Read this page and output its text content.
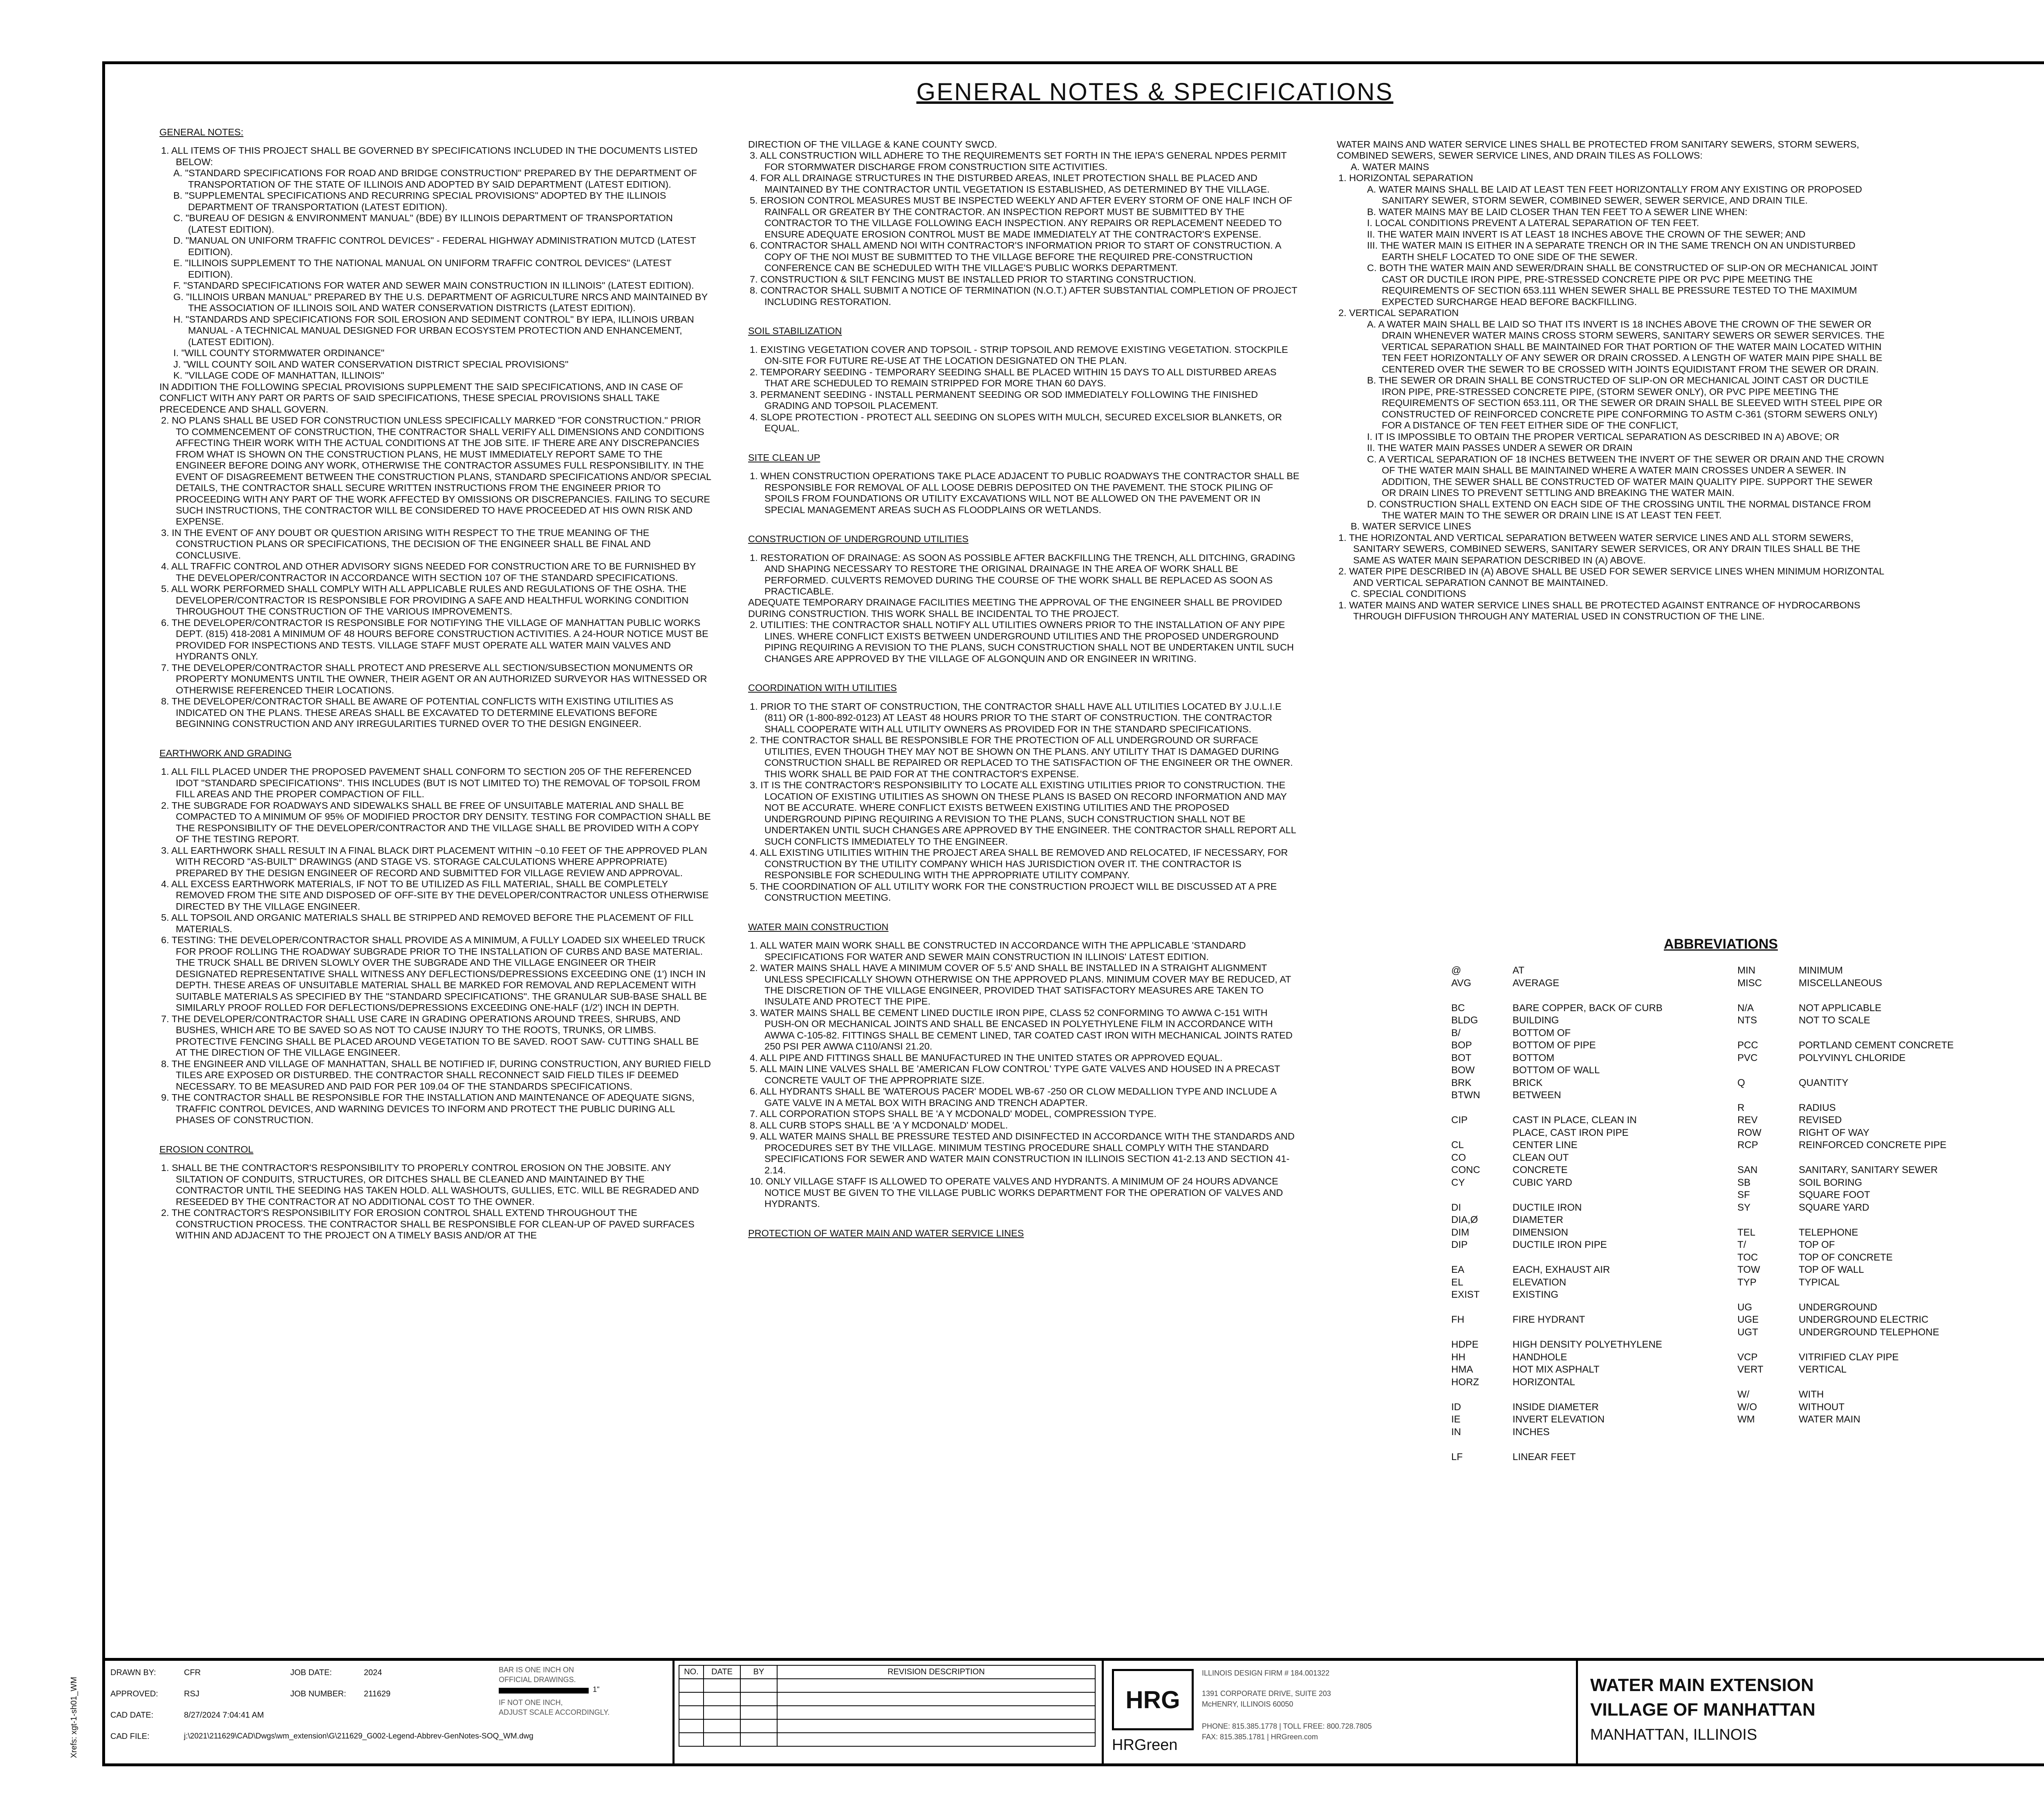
GENERAL NOTES & SPECIFICATIONS
GENERAL NOTES:
1. ALL ITEMS OF THIS PROJECT SHALL BE GOVERNED BY SPECIFICATIONS INCLUDED IN THE DOCUMENTS LISTED BELOW:
A. "STANDARD SPECIFICATIONS FOR ROAD AND BRIDGE CONSTRUCTION" PREPARED BY THE DEPARTMENT OF TRANSPORTATION OF THE STATE OF ILLINOIS AND ADOPTED BY SAID DEPARTMENT (LATEST EDITION).
B. "SUPPLEMENTAL SPECIFICATIONS AND RECURRING SPECIAL PROVISIONS" ADOPTED BY THE ILLINOIS DEPARTMENT OF TRANSPORTATION (LATEST EDITION).
C. "BUREAU OF DESIGN & ENVIRONMENT MANUAL" (BDE) BY ILLINOIS DEPARTMENT OF TRANSPORTATION (LATEST EDITION).
D. "MANUAL ON UNIFORM TRAFFIC CONTROL DEVICES" - FEDERAL HIGHWAY ADMINISTRATION MUTCD (LATEST EDITION).
E. "ILLINOIS SUPPLEMENT TO THE NATIONAL MANUAL ON UNIFORM TRAFFIC CONTROL DEVICES" (LATEST EDITION).
F. "STANDARD SPECIFICATIONS FOR WATER AND SEWER MAIN CONSTRUCTION IN ILLINOIS" (LATEST EDITION).
G. "ILLINOIS URBAN MANUAL" PREPARED BY THE U.S. DEPARTMENT OF AGRICULTURE NRCS AND MAINTAINED BY THE ASSOCIATION OF ILLINOIS SOIL AND WATER CONSERVATION DISTRICTS (LATEST EDITION).
H. "STANDARDS AND SPECIFICATIONS FOR SOIL EROSION AND SEDIMENT CONTROL" BY IEPA, ILLINOIS URBAN MANUAL - A TECHNICAL MANUAL DESIGNED FOR URBAN ECOSYSTEM PROTECTION AND ENHANCEMENT, (LATEST EDITION).
I. "WILL COUNTY STORMWATER ORDINANCE"
J. "WILL COUNTY SOIL AND WATER CONSERVATION DISTRICT SPECIAL PROVISIONS"
K. "VILLAGE CODE OF MANHATTAN, ILLINOIS"
IN ADDITION THE FOLLOWING SPECIAL PROVISIONS SUPPLEMENT THE SAID SPECIFICATIONS, AND IN CASE OF CONFLICT WITH ANY PART OR PARTS OF SAID SPECIFICATIONS, THESE SPECIAL PROVISIONS SHALL TAKE PRECEDENCE AND SHALL GOVERN.
2. NO PLANS SHALL BE USED FOR CONSTRUCTION UNLESS SPECIFICALLY MARKED "FOR CONSTRUCTION." PRIOR TO COMMENCEMENT OF CONSTRUCTION, THE CONTRACTOR SHALL VERIFY ALL DIMENSIONS AND CONDITIONS AFFECTING THEIR WORK WITH THE ACTUAL CONDITIONS AT THE JOB SITE. IF THERE ARE ANY DISCREPANCIES FROM WHAT IS SHOWN ON THE CONSTRUCTION PLANS, HE MUST IMMEDIATELY REPORT SAME TO THE ENGINEER BEFORE DOING ANY WORK, OTHERWISE THE CONTRACTOR ASSUMES FULL RESPONSIBILITY. IN THE EVENT OF DISAGREEMENT BETWEEN THE CONSTRUCTION PLANS, STANDARD SPECIFICATIONS AND/OR SPECIAL DETAILS, THE CONTRACTOR SHALL SECURE WRITTEN INSTRUCTIONS FROM THE ENGINEER PRIOR TO PROCEEDING WITH ANY PART OF THE WORK AFFECTED BY OMISSIONS OR DISCREPANCIES. FAILING TO SECURE SUCH INSTRUCTIONS, THE CONTRACTOR WILL BE CONSIDERED TO HAVE PROCEEDED AT HIS OWN RISK AND EXPENSE.
3. IN THE EVENT OF ANY DOUBT OR QUESTION ARISING WITH RESPECT TO THE TRUE MEANING OF THE CONSTRUCTION PLANS OR SPECIFICATIONS, THE DECISION OF THE ENGINEER SHALL BE FINAL AND CONCLUSIVE.
4. ALL TRAFFIC CONTROL AND OTHER ADVISORY SIGNS NEEDED FOR CONSTRUCTION ARE TO BE FURNISHED BY THE DEVELOPER/CONTRACTOR IN ACCORDANCE WITH SECTION 107 OF THE STANDARD SPECIFICATIONS.
5. ALL WORK PERFORMED SHALL COMPLY WITH ALL APPLICABLE RULES AND REGULATIONS OF THE OSHA. THE DEVELOPER/CONTRACTOR IS RESPONSIBLE FOR PROVIDING A SAFE AND HEALTHFUL WORKING CONDITION THROUGHOUT THE CONSTRUCTION OF THE VARIOUS IMPROVEMENTS.
6. THE DEVELOPER/CONTRACTOR IS RESPONSIBLE FOR NOTIFYING THE VILLAGE OF MANHATTAN PUBLIC WORKS DEPT. (815) 418-2081 A MINIMUM OF 48 HOURS BEFORE CONSTRUCTION ACTIVITIES. A 24-HOUR NOTICE MUST BE PROVIDED FOR INSPECTIONS AND TESTS. VILLAGE STAFF MUST OPERATE ALL WATER MAIN VALVES AND HYDRANTS ONLY.
7. THE DEVELOPER/CONTRACTOR SHALL PROTECT AND PRESERVE ALL SECTION/SUBSECTION MONUMENTS OR PROPERTY MONUMENTS UNTIL THE OWNER, THEIR AGENT OR AN AUTHORIZED SURVEYOR HAS WITNESSED OR OTHERWISE REFERENCED THEIR LOCATIONS.
8. THE DEVELOPER/CONTRACTOR SHALL BE AWARE OF POTENTIAL CONFLICTS WITH EXISTING UTILITIES AS INDICATED ON THE PLANS. THESE AREAS SHALL BE EXCAVATED TO DETERMINE ELEVATIONS BEFORE BEGINNING CONSTRUCTION AND ANY IRREGULARITIES TURNED OVER TO THE DESIGN ENGINEER.
EARTHWORK AND GRADING
1. ALL FILL PLACED UNDER THE PROPOSED PAVEMENT SHALL CONFORM TO SECTION 205 OF THE REFERENCED IDOT "STANDARD SPECIFICATIONS". THIS INCLUDES (BUT IS NOT LIMITED TO) THE REMOVAL OF TOPSOIL FROM FILL AREAS AND THE PROPER COMPACTION OF FILL.
2. THE SUBGRADE FOR ROADWAYS AND SIDEWALKS SHALL BE FREE OF UNSUITABLE MATERIAL AND SHALL BE COMPACTED TO A MINIMUM OF 95% OF MODIFIED PROCTOR DRY DENSITY. TESTING FOR COMPACTION SHALL BE THE RESPONSIBILITY OF THE DEVELOPER/CONTRACTOR AND THE VILLAGE SHALL BE PROVIDED WITH A COPY OF THE TESTING REPORT.
3. ALL EARTHWORK SHALL RESULT IN A FINAL BLACK DIRT PLACEMENT WITHIN ~0.10 FEET OF THE APPROVED PLAN WITH RECORD "AS-BUILT" DRAWINGS (AND STAGE VS. STORAGE CALCULATIONS WHERE APPROPRIATE) PREPARED BY THE DESIGN ENGINEER OF RECORD AND SUBMITTED FOR VILLAGE REVIEW AND APPROVAL.
4. ALL EXCESS EARTHWORK MATERIALS, IF NOT TO BE UTILIZED AS FILL MATERIAL, SHALL BE COMPLETELY REMOVED FROM THE SITE AND DISPOSED OF OFF-SITE BY THE DEVELOPER/CONTRACTOR UNLESS OTHERWISE DIRECTED BY THE VILLAGE ENGINEER.
5. ALL TOPSOIL AND ORGANIC MATERIALS SHALL BE STRIPPED AND REMOVED BEFORE THE PLACEMENT OF FILL MATERIALS.
6. TESTING: THE DEVELOPER/CONTRACTOR SHALL PROVIDE AS A MINIMUM, A FULLY LOADED SIX WHEELED TRUCK FOR PROOF ROLLING THE ROADWAY SUBGRADE PRIOR TO THE INSTALLATION OF CURBS AND BASE MATERIAL. THE TRUCK SHALL BE DRIVEN SLOWLY OVER THE SUBGRADE AND THE VILLAGE ENGINEER OR THEIR DESIGNATED REPRESENTATIVE SHALL WITNESS ANY DEFLECTIONS/DEPRESSIONS EXCEEDING ONE (1') INCH IN DEPTH. THESE AREAS OF UNSUITABLE MATERIAL SHALL BE MARKED FOR REMOVAL AND REPLACEMENT WITH SUITABLE MATERIALS AS SPECIFIED BY THE "STANDARD SPECIFICATIONS". THE GRANULAR SUB-BASE SHALL BE SIMILARLY PROOF ROLLED FOR DEFLECTIONS/DEPRESSIONS EXCEEDING ONE-HALF (1/2') INCH IN DEPTH.
7. THE DEVELOPER/CONTRACTOR SHALL USE CARE IN GRADING OPERATIONS AROUND TREES, SHRUBS, AND BUSHES, WHICH ARE TO BE SAVED SO AS NOT TO CAUSE INJURY TO THE ROOTS, TRUNKS, OR LIMBS. PROTECTIVE FENCING SHALL BE PLACED AROUND VEGETATION TO BE SAVED. ROOT SAW- CUTTING SHALL BE AT THE DIRECTION OF THE VILLAGE ENGINEER.
8. THE ENGINEER AND VILLAGE OF MANHATTAN, SHALL BE NOTIFIED IF, DURING CONSTRUCTION, ANY BURIED FIELD TILES ARE EXPOSED OR DISTURBED. THE CONTRACTOR SHALL RECONNECT SAID FIELD TILES IF DEEMED NECESSARY. TO BE MEASURED AND PAID FOR PER 109.04 OF THE STANDARDS SPECIFICATIONS.
9. THE CONTRACTOR SHALL BE RESPONSIBLE FOR THE INSTALLATION AND MAINTENANCE OF ADEQUATE SIGNS, TRAFFIC CONTROL DEVICES, AND WARNING DEVICES TO INFORM AND PROTECT THE PUBLIC DURING ALL PHASES OF CONSTRUCTION.
EROSION CONTROL
1. SHALL BE THE CONTRACTOR'S RESPONSIBILITY TO PROPERLY CONTROL EROSION ON THE JOBSITE. ANY SILTATION OF CONDUITS, STRUCTURES, OR DITCHES SHALL BE CLEANED AND MAINTAINED BY THE CONTRACTOR UNTIL THE SEEDING HAS TAKEN HOLD. ALL WASHOUTS, GULLIES, ETC. WILL BE REGRADED AND RESEEDED BY THE CONTRACTOR AT NO ADDITIONAL COST TO THE OWNER.
2. THE CONTRACTOR'S RESPONSIBILITY FOR EROSION CONTROL SHALL EXTEND THROUGHOUT THE CONSTRUCTION PROCESS. THE CONTRACTOR SHALL BE RESPONSIBLE FOR CLEAN-UP OF PAVED SURFACES WITHIN AND ADJACENT TO THE PROJECT ON A TIMELY BASIS AND/OR AT THE
DIRECTION OF THE VILLAGE & KANE COUNTY SWCD.
3. ALL CONSTRUCTION WILL ADHERE TO THE REQUIREMENTS SET FORTH IN THE IEPA'S GENERAL NPDES PERMIT FOR STORMWATER DISCHARGE FROM CONSTRUCTION SITE ACTIVITIES.
4. FOR ALL DRAINAGE STRUCTURES IN THE DISTURBED AREAS, INLET PROTECTION SHALL BE PLACED AND MAINTAINED BY THE CONTRACTOR UNTIL VEGETATION IS ESTABLISHED, AS DETERMINED BY THE VILLAGE.
5. EROSION CONTROL MEASURES MUST BE INSPECTED WEEKLY AND AFTER EVERY STORM OF ONE HALF INCH OF RAINFALL OR GREATER BY THE CONTRACTOR. AN INSPECTION REPORT MUST BE SUBMITTED BY THE CONTRACTOR TO THE VILLAGE FOLLOWING EACH INSPECTION. ANY REPAIRS OR REPLACEMENT NEEDED TO ENSURE ADEQUATE EROSION CONTROL MUST BE MADE IMMEDIATELY AT THE CONTRACTOR'S EXPENSE.
6. CONTRACTOR SHALL AMEND NOI WITH CONTRACTOR'S INFORMATION PRIOR TO START OF CONSTRUCTION. A COPY OF THE NOI MUST BE SUBMITTED TO THE VILLAGE BEFORE THE REQUIRED PRE-CONSTRUCTION CONFERENCE CAN BE SCHEDULED WITH THE VILLAGE'S PUBLIC WORKS DEPARTMENT.
7. CONSTRUCTION & SILT FENCING MUST BE INSTALLED PRIOR TO STARTING CONSTRUCTION.
8. CONTRACTOR SHALL SUBMIT A NOTICE OF TERMINATION (N.O.T.) AFTER SUBSTANTIAL COMPLETION OF PROJECT INCLUDING RESTORATION.
SOIL STABILIZATION
1. EXISTING VEGETATION COVER AND TOPSOIL - STRIP TOPSOIL AND REMOVE EXISTING VEGETATION. STOCKPILE ON-SITE FOR FUTURE RE-USE AT THE LOCATION DESIGNATED ON THE PLAN.
2. TEMPORARY SEEDING - TEMPORARY SEEDING SHALL BE PLACED WITHIN 15 DAYS TO ALL DISTURBED AREAS THAT ARE SCHEDULED TO REMAIN STRIPPED FOR MORE THAN 60 DAYS.
3. PERMANENT SEEDING - INSTALL PERMANENT SEEDING OR SOD IMMEDIATELY FOLLOWING THE FINISHED GRADING AND TOPSOIL PLACEMENT.
4. SLOPE PROTECTION - PROTECT ALL SEEDING ON SLOPES WITH MULCH, SECURED EXCELSIOR BLANKETS, OR EQUAL.
SITE CLEAN UP
1. WHEN CONSTRUCTION OPERATIONS TAKE PLACE ADJACENT TO PUBLIC ROADWAYS THE CONTRACTOR SHALL BE RESPONSIBLE FOR REMOVAL OF ALL LOOSE DEBRIS DEPOSITED ON THE PAVEMENT. THE STOCK PILING OF SPOILS FROM FOUNDATIONS OR UTILITY EXCAVATIONS WILL NOT BE ALLOWED ON THE PAVEMENT OR IN SPECIAL MANAGEMENT AREAS SUCH AS FLOODPLAINS OR WETLANDS.
CONSTRUCTION OF UNDERGROUND UTILITIES
1. RESTORATION OF DRAINAGE: AS SOON AS POSSIBLE AFTER BACKFILLING THE TRENCH, ALL DITCHING, GRADING AND SHAPING NECESSARY TO RESTORE THE ORIGINAL DRAINAGE IN THE AREA OF WORK SHALL BE PERFORMED. CULVERTS REMOVED DURING THE COURSE OF THE WORK SHALL BE REPLACED AS SOON AS PRACTICABLE.
ADEQUATE TEMPORARY DRAINAGE FACILITIES MEETING THE APPROVAL OF THE ENGINEER SHALL BE PROVIDED DURING CONSTRUCTION. THIS WORK SHALL BE INCIDENTAL TO THE PROJECT.
2. UTILITIES: THE CONTRACTOR SHALL NOTIFY ALL UTILITIES OWNERS PRIOR TO THE INSTALLATION OF ANY PIPE LINES. WHERE CONFLICT EXISTS BETWEEN UNDERGROUND UTILITIES AND THE PROPOSED UNDERGROUND PIPING REQUIRING A REVISION TO THE PLANS, SUCH CONSTRUCTION SHALL NOT BE UNDERTAKEN UNTIL SUCH CHANGES ARE APPROVED BY THE VILLAGE OF ALGONQUIN AND OR ENGINEER IN WRITING.
COORDINATION WITH UTILITIES
1. PRIOR TO THE START OF CONSTRUCTION, THE CONTRACTOR SHALL HAVE ALL UTILITIES LOCATED BY J.U.L.I.E (811) OR (1-800-892-0123) AT LEAST 48 HOURS PRIOR TO THE START OF CONSTRUCTION. THE CONTRACTOR SHALL COOPERATE WITH ALL UTILITY OWNERS AS PROVIDED FOR IN THE STANDARD SPECIFICATIONS.
2. THE CONTRACTOR SHALL BE RESPONSIBLE FOR THE PROTECTION OF ALL UNDERGROUND OR SURFACE UTILITIES, EVEN THOUGH THEY MAY NOT BE SHOWN ON THE PLANS. ANY UTILITY THAT IS DAMAGED DURING CONSTRUCTION SHALL BE REPAIRED OR REPLACED TO THE SATISFACTION OF THE ENGINEER OR THE OWNER. THIS WORK SHALL BE PAID FOR AT THE CONTRACTOR'S EXPENSE.
3. IT IS THE CONTRACTOR'S RESPONSIBILITY TO LOCATE ALL EXISTING UTILITIES PRIOR TO CONSTRUCTION. THE LOCATION OF EXISTING UTILITIES AS SHOWN ON THESE PLANS IS BASED ON RECORD INFORMATION AND MAY NOT BE ACCURATE. WHERE CONFLICT EXISTS BETWEEN EXISTING UTILITIES AND THE PROPOSED UNDERGROUND PIPING REQUIRING A REVISION TO THE PLANS, SUCH CONSTRUCTION SHALL NOT BE UNDERTAKEN UNTIL SUCH CHANGES ARE APPROVED BY THE ENGINEER. THE CONTRACTOR SHALL REPORT ALL SUCH CONFLICTS IMMEDIATELY TO THE ENGINEER.
4. ALL EXISTING UTILITIES WITHIN THE PROJECT AREA SHALL BE REMOVED AND RELOCATED, IF NECESSARY, FOR CONSTRUCTION BY THE UTILITY COMPANY WHICH HAS JURISDICTION OVER IT. THE CONTRACTOR IS RESPONSIBLE FOR SCHEDULING WITH THE APPROPRIATE UTILITY COMPANY.
5. THE COORDINATION OF ALL UTILITY WORK FOR THE CONSTRUCTION PROJECT WILL BE DISCUSSED AT A PRE CONSTRUCTION MEETING.
WATER MAIN CONSTRUCTION
1. ALL WATER MAIN WORK SHALL BE CONSTRUCTED IN ACCORDANCE WITH THE APPLICABLE 'STANDARD SPECIFICATIONS FOR WATER AND SEWER MAIN CONSTRUCTION IN ILLINOIS' LATEST EDITION.
2. WATER MAINS SHALL HAVE A MINIMUM COVER OF 5.5' AND SHALL BE INSTALLED IN A STRAIGHT ALIGNMENT UNLESS SPECIFICALLY SHOWN OTHERWISE ON THE APPROVED PLANS. MINIMUM COVER MAY BE REDUCED, AT THE DISCRETION OF THE VILLAGE ENGINEER, PROVIDED THAT SATISFACTORY MEASURES ARE TAKEN TO INSULATE AND PROTECT THE PIPE.
3. WATER MAINS SHALL BE CEMENT LINED DUCTILE IRON PIPE, CLASS 52 CONFORMING TO AWWA C-151 WITH PUSH-ON OR MECHANICAL JOINTS AND SHALL BE ENCASED IN POLYETHYLENE FILM IN ACCORDANCE WITH AWWA C-105-82. FITTINGS SHALL BE CEMENT LINED, TAR COATED CAST IRON WITH MECHANICAL JOINTS RATED 250 PSI PER AWWA C110/ANSI 21.20.
4. ALL PIPE AND FITTINGS SHALL BE MANUFACTURED IN THE UNITED STATES OR APPROVED EQUAL.
5. ALL MAIN LINE VALVES SHALL BE 'AMERICAN FLOW CONTROL' TYPE GATE VALVES AND HOUSED IN A PRECAST CONCRETE VAULT OF THE APPROPRIATE SIZE.
6. ALL HYDRANTS SHALL BE 'WATEROUS PACER' MODEL WB-67 -250 OR CLOW MEDALLION TYPE AND INCLUDE A GATE VALVE IN A METAL BOX WITH BRACING AND TRENCH ADAPTER.
7. ALL CORPORATION STOPS SHALL BE 'A Y MCDONALD' MODEL, COMPRESSION TYPE.
8. ALL CURB STOPS SHALL BE 'A Y MCDONALD' MODEL.
9. ALL WATER MAINS SHALL BE PRESSURE TESTED AND DISINFECTED IN ACCORDANCE WITH THE STANDARDS AND PROCEDURES SET BY THE VILLAGE. MINIMUM TESTING PROCEDURE SHALL COMPLY WITH THE STANDARD SPECIFICATIONS FOR SEWER AND WATER MAIN CONSTRUCTION IN ILLINOIS SECTION 41-2.13 AND SECTION 41-2.14.
10. ONLY VILLAGE STAFF IS ALLOWED TO OPERATE VALVES AND HYDRANTS. A MINIMUM OF 24 HOURS ADVANCE NOTICE MUST BE GIVEN TO THE VILLAGE PUBLIC WORKS DEPARTMENT FOR THE OPERATION OF VALVES AND HYDRANTS.
PROTECTION OF WATER MAIN AND WATER SERVICE LINES
WATER MAINS AND WATER SERVICE LINES SHALL BE PROTECTED FROM SANITARY SEWERS, STORM SEWERS, COMBINED SEWERS, SEWER SERVICE LINES, AND DRAIN TILES AS FOLLOWS:
A. WATER MAINS
1. HORIZONTAL SEPARATION
A. WATER MAINS SHALL BE LAID AT LEAST TEN FEET HORIZONTALLY FROM ANY EXISTING OR PROPOSED SANITARY SEWER, STORM SEWER, COMBINED SEWER, SEWER SERVICE, AND DRAIN TILE.
B. WATER MAINS MAY BE LAID CLOSER THAN TEN FEET TO A SEWER LINE WHEN:
I. LOCAL CONDITIONS PREVENT A LATERAL SEPARATION OF TEN FEET.
II. THE WATER MAIN INVERT IS AT LEAST 18 INCHES ABOVE THE CROWN OF THE SEWER; AND
III. THE WATER MAIN IS EITHER IN A SEPARATE TRENCH OR IN THE SAME TRENCH ON AN UNDISTURBED EARTH SHELF LOCATED TO ONE SIDE OF THE SEWER.
C. BOTH THE WATER MAIN AND SEWER/DRAIN SHALL BE CONSTRUCTED OF SLIP-ON OR MECHANICAL JOINT CAST OR DUCTILE IRON PIPE, PRE-STRESSED CONCRETE PIPE OR PVC PIPE MEETING THE REQUIREMENTS OF SECTION 653.111 WHEN SEWER SHALL BE PRESSURE TESTED TO THE MAXIMUM EXPECTED SURCHARGE HEAD BEFORE BACKFILLING.
2. VERTICAL SEPARATION
A. A WATER MAIN SHALL BE LAID SO THAT ITS INVERT IS 18 INCHES ABOVE THE CROWN OF THE SEWER OR DRAIN WHENEVER WATER MAINS CROSS STORM SEWERS, SANITARY SEWERS OR SEWER SERVICES. THE VERTICAL SEPARATION SHALL BE MAINTAINED FOR THAT PORTION OF THE WATER MAIN LOCATED WITHIN TEN FEET HORIZONTALLY OF ANY SEWER OR DRAIN CROSSED. A LENGTH OF WATER MAIN PIPE SHALL BE CENTERED OVER THE SEWER TO BE CROSSED WITH JOINTS EQUIDISTANT FROM THE SEWER OR DRAIN.
B. THE SEWER OR DRAIN SHALL BE CONSTRUCTED OF SLIP-ON OR MECHANICAL JOINT CAST OR DUCTILE IRON PIPE, PRE-STRESSED CONCRETE PIPE, (STORM SEWER ONLY), OR PVC PIPE MEETING THE REQUIREMENTS OF SECTION 653.111, OR THE SEWER OR DRAIN SHALL BE SLEEVED WITH STEEL PIPE OR CONSTRUCTED OF REINFORCED CONCRETE PIPE CONFORMING TO ASTM C-361 (STORM SEWERS ONLY) FOR A DISTANCE OF TEN FEET EITHER SIDE OF THE CONFLICT,
I. IT IS IMPOSSIBLE TO OBTAIN THE PROPER VERTICAL SEPARATION AS DESCRIBED IN A) ABOVE; OR
II. THE WATER MAIN PASSES UNDER A SEWER OR DRAIN
C. A VERTICAL SEPARATION OF 18 INCHES BETWEEN THE INVERT OF THE SEWER OR DRAIN AND THE CROWN OF THE WATER MAIN SHALL BE MAINTAINED WHERE A WATER MAIN CROSSES UNDER A SEWER. IN ADDITION, THE SEWER SHALL BE CONSTRUCTED OF WATER MAIN QUALITY PIPE. SUPPORT THE SEWER OR DRAIN LINES TO PREVENT SETTLING AND BREAKING THE WATER MAIN.
D. CONSTRUCTION SHALL EXTEND ON EACH SIDE OF THE CROSSING UNTIL THE NORMAL DISTANCE FROM THE WATER MAIN TO THE SEWER OR DRAIN LINE IS AT LEAST TEN FEET.
B. WATER SERVICE LINES
1. THE HORIZONTAL AND VERTICAL SEPARATION BETWEEN WATER SERVICE LINES AND ALL STORM SEWERS, SANITARY SEWERS, COMBINED SEWERS, SANITARY SEWER SERVICES, OR ANY DRAIN TILES SHALL BE THE SAME AS WATER MAIN SEPARATION DESCRIBED IN (A) ABOVE.
2. WATER PIPE DESCRIBED IN (A) ABOVE SHALL BE USED FOR SEWER SERVICE LINES WHEN MINIMUM HORIZONTAL AND VERTICAL SEPARATION CANNOT BE MAINTAINED.
C. SPECIAL CONDITIONS
1. WATER MAINS AND WATER SERVICE LINES SHALL BE PROTECTED AGAINST ENTRANCE OF HYDROCARBONS THROUGH DIFFUSION THROUGH ANY MATERIAL USED IN CONSTRUCTION OF THE LINE.
ABBREVIATIONS
@	AT
AVG	AVERAGE
BC	BARE COPPER, BACK OF CURB
BLDG	BUILDING
B/	BOTTOM OF
BOP	BOTTOM OF PIPE
BOT	BOTTOM
BOW	BOTTOM OF WALL
BRK	BRICK
BTWN	BETWEEN
CIP	CAST IN PLACE, CLEAN IN
PLACE, CAST IRON PIPE
CL	CENTER LINE
CO	CLEAN OUT
CONC	CONCRETE
CY	CUBIC YARD
DI	DUCTILE IRON
DIA,Ø	DIAMETER
DIM	DIMENSION
DIP	DUCTILE IRON PIPE
EA	EACH, EXHAUST AIR
EL	ELEVATION
EXIST	EXISTING
FH	FIRE HYDRANT
HDPE	HIGH DENSITY POLYETHYLENE
HH	HANDHOLE
HMA	HOT MIX ASPHALT
HORZ	HORIZONTAL
ID	INSIDE DIAMETER
IE	INVERT ELEVATION
IN	INCHES
LF	LINEAR FEET
MIN	MINIMUM
MISC	MISCELLANEOUS
N/A	NOT APPLICABLE
NTS	NOT TO SCALE
PCC	PORTLAND CEMENT CONCRETE
PVC	POLYVINYL CHLORIDE
Q	QUANTITY
R	RADIUS
REV	REVISED
ROW	RIGHT OF WAY
RCP	REINFORCED CONCRETE PIPE
SAN	SANITARY, SANITARY SEWER
SB	SOIL BORING
SF	SQUARE FOOT
SY	SQUARE YARD
TEL	TELEPHONE
T/	TOP OF
TOC	TOP OF CONCRETE
TOW	TOP OF WALL
TYP	TYPICAL
UG	UNDERGROUND
UGE	UNDERGROUND ELECTRIC
UGT	UNDERGROUND TELEPHONE
VCP	VITRIFIED CLAY PIPE
VERT	VERTICAL
W/	WITH
W/O	WITHOUT
WM	WATER MAIN
DRAWN BY:	CFR
APPROVED:	RSJ
CAD DATE:	8/27/2024 7:04:41 AM
CAD FILE:	j:\2021\211629\CAD\Dwgs\wm_extension\G\211629_G002-Legend-Abbrev-GenNotes-SOQ_WM.dwg
JOB DATE:	2024
JOB NUMBER: 211629
BAR IS ONE INCH ON
OFFICIAL DRAWINGS.
1"
IF NOT ONE INCH,
ADJUST SCALE ACCORDINGLY.
NO.	DATE	BY	REVISION DESCRIPTION

HRG
HRGreen
ILLINOIS DESIGN FIRM # 184.001322
1391 CORPORATE DRIVE, SUITE 203
McHENRY, ILLINOIS 60050
PHONE: 815.385.1778 | TOLL FREE: 800.728.7805
FAX: 815.385.1781 | HRGreen.com
WATER MAIN EXTENSION
VILLAGE OF MANHATTAN
MANHATTAN, ILLINOIS
Xrefs: xgt-1-sh01_WM
